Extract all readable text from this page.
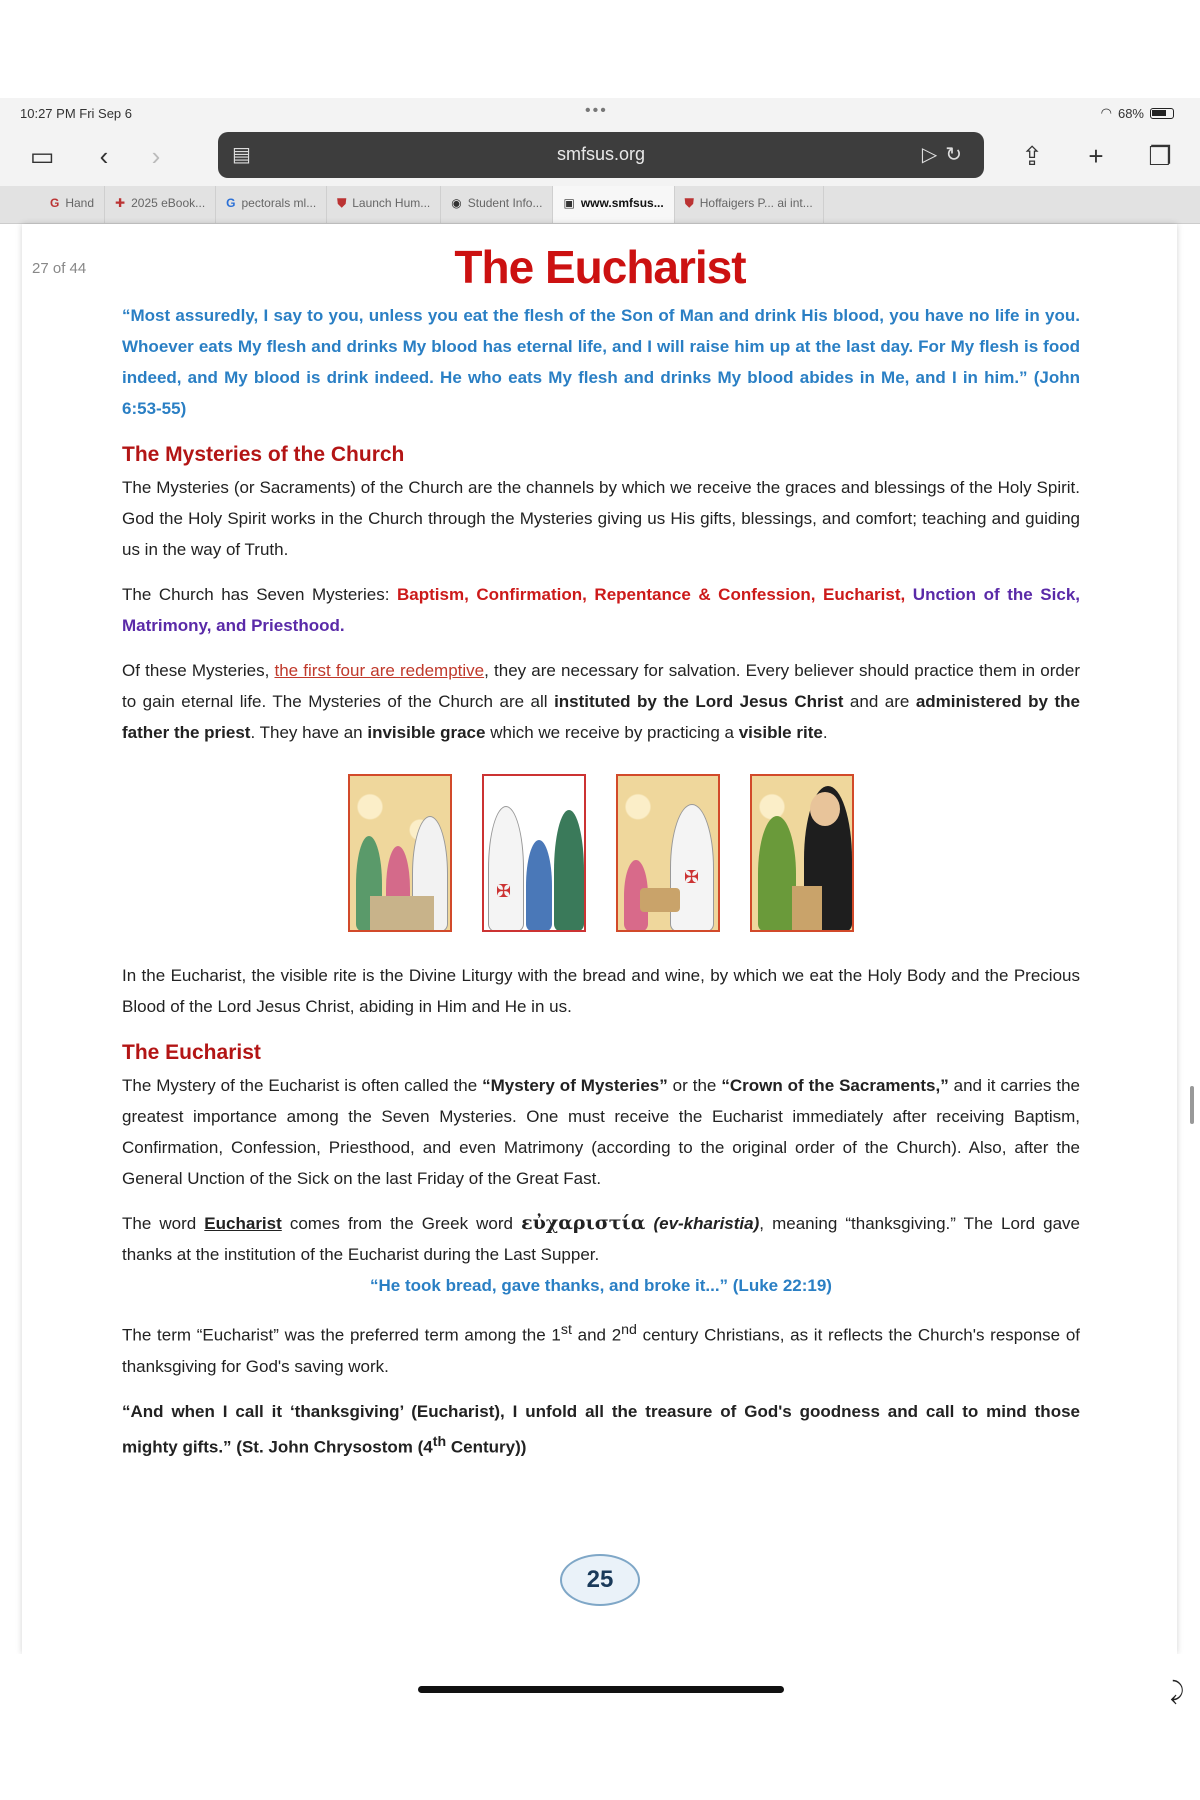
10:27 PM Fri Sep 6	•••	◠ 68%
▭	‹	›	⇪	+	❐
▤	smfsus.org	▷↻
G Hand	✚ 2025 eBook...	G pectorals ml...	⛊ Launch Hum...	◉ Student Info...	▣ www.smfsus...	⛊ Hoffaigers P... ai int...
27 of 44	The Eucharist

“Most assuredly, I say to you, unless you eat the flesh of the Son of Man and drink His blood, you have no life in you. Whoever eats My flesh and drinks My blood has eternal life, and I will raise him up at the last day. For My flesh is food indeed, and My blood is drink indeed. He who eats My flesh and drinks My blood abides in Me, and I in him.” (John 6:53-55)

The Mysteries of the Church

The Mysteries (or Sacraments) of the Church are the channels by which we receive the graces and blessings of the Holy Spirit. God the Holy Spirit works in the Church through the Mysteries giving us His gifts, blessings, and comfort; teaching and guiding us in the way of Truth.

The Church has Seven Mysteries: Baptism, Confirmation, Repentance & Confession, Eucharist, Unction of the Sick, Matrimony, and Priesthood.

Of these Mysteries, the first four are redemptive, they are necessary for salvation. Every believer should practice them in order to gain eternal life. The Mysteries of the Church are all instituted by the Lord Jesus Christ and are administered by the father the priest. They have an invisible grace which we receive by practicing a visible rite.

✠
✠

In the Eucharist, the visible rite is the Divine Liturgy with the bread and wine, by which we eat the Holy Body and the Precious Blood of the Lord Jesus Christ, abiding in Him and He in us.

The Eucharist

The Mystery of the Eucharist is often called the “Mystery of Mysteries” or the “Crown of the Sacraments,” and it carries the greatest importance among the Seven Mysteries. One must receive the Eucharist immediately after receiving Baptism, Confirmation, Confession, Priesthood, and even Matrimony (according to the original order of the Church). Also, after the General Unction of the Sick on the last Friday of the Great Fast.

The word Eucharist comes from the Greek word εὐχαριστία (ev-kharistia), meaning “thanksgiving.” The Lord gave thanks at the institution of the Eucharist during the Last Supper.

“He took bread, gave thanks, and broke it...” (Luke 22:19)

The term “Eucharist” was the preferred term among the 1st and 2nd century Christians, as it reflects the Church's response of thanksgiving for God's saving work.

“And when I call it ‘thanksgiving’ (Eucharist), I unfold all the treasure of God's goodness and call to mind those mighty gifts.” (St. John Chrysostom (4th Century))

25
⤸
